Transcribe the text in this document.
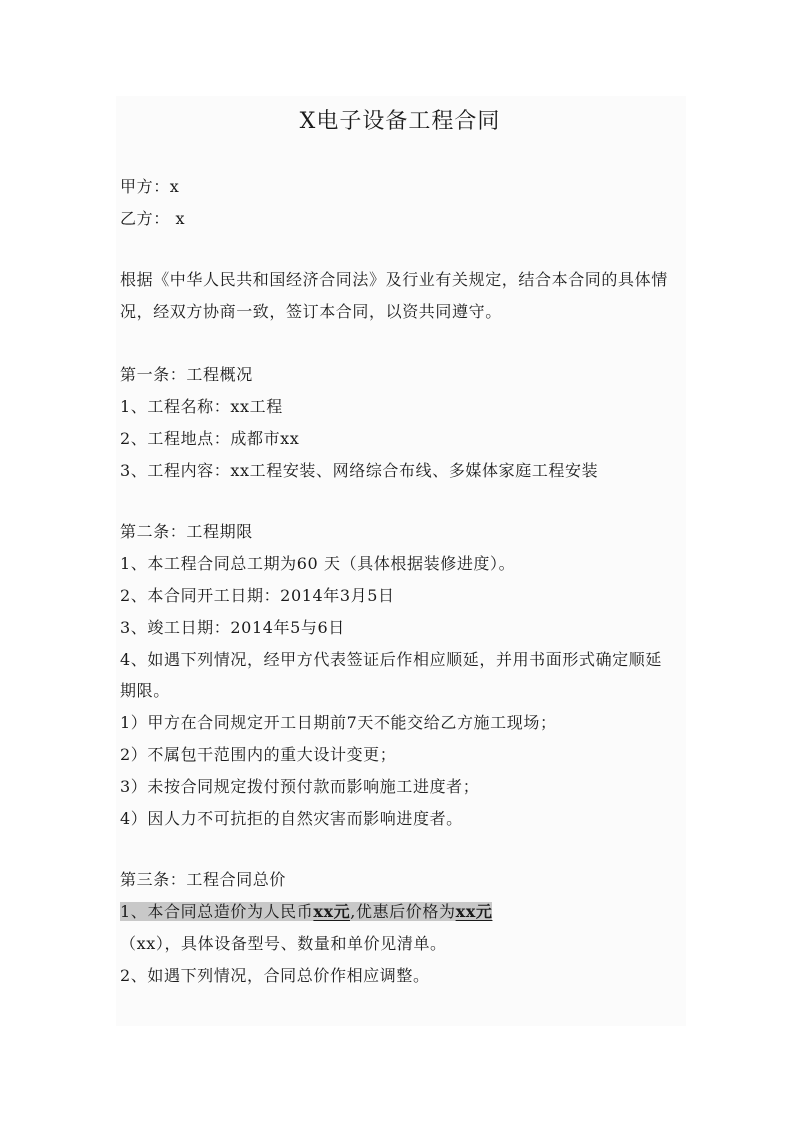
X电子设备工程合同
甲方：x
乙方： x
根据《中华人民共和国经济合同法》及行业有关规定，结合本合同的具体情
况，经双方协商一致，签订本合同，以资共同遵守。
第一条：工程概况
1、工程名称：xx工程
2、工程地点：成都市xx
3、工程内容：xx工程安装、网络综合布线、多媒体家庭工程安装
第二条：工程期限
1、本工程合同总工期为60 天（具体根据装修进度）。
2、本合同开工日期：2014年3月5日
3、竣工日期：2014年5与6日
4、如遇下列情况，经甲方代表签证后作相应顺延，并用书面形式确定顺延
期限。
1）甲方在合同规定开工日期前7天不能交给乙方施工现场；
2）不属包干范围内的重大设计变更；
3）未按合同规定拨付预付款而影响施工进度者；
4）因人力不可抗拒的自然灾害而影响进度者。
第三条：工程合同总价
1、本合同总造价为人民币xx元,优惠后价格为xx元
（xx），具体设备型号、数量和单价见清单。
2、如遇下列情况，合同总价作相应调整。
